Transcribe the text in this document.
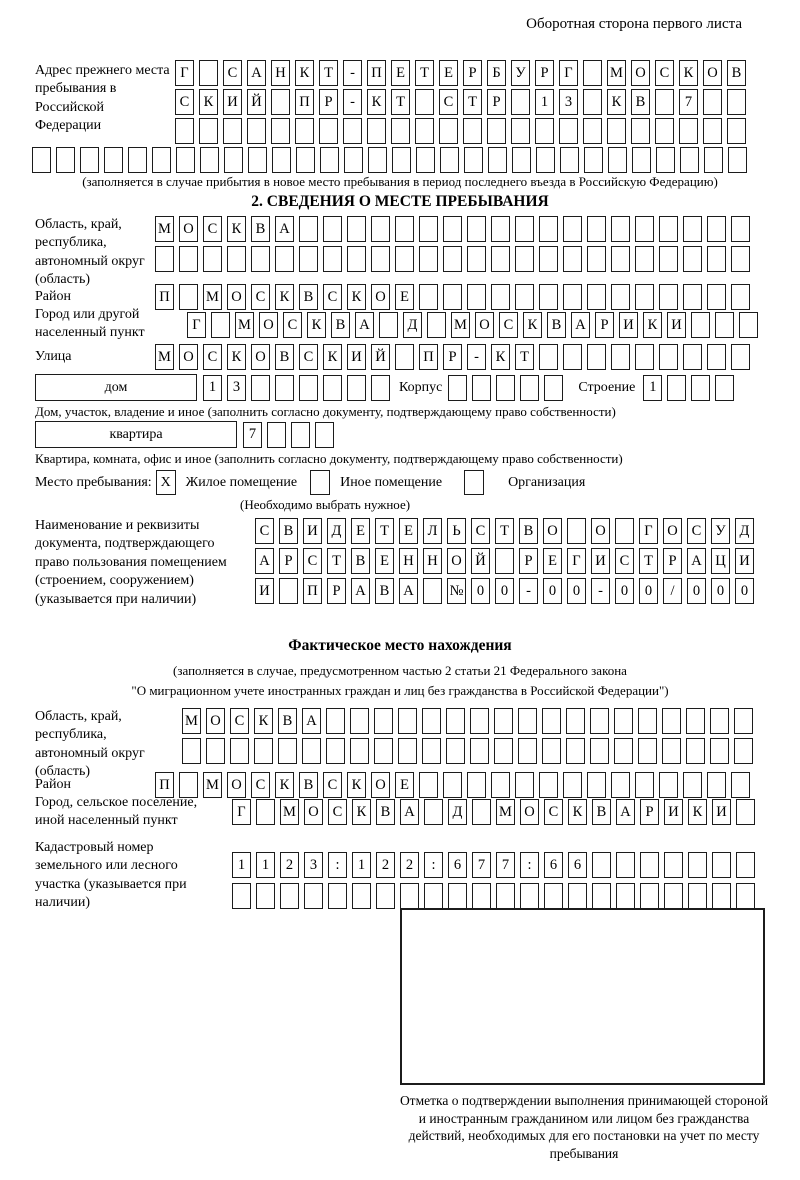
Оборотная сторона первого листа
Адрес прежнего места пребывания в Российской Федерации
Г	С А Н К	Т	-	П Е	Т	Е	Р	Б	У	Р	Г	М О С К О В
С К И Й	П	Р	-	К	Т	С	Т	Р	1	3	К В	7
(заполняется в случае прибытия в новое место пребывания в период последнего въезда в Российскую Федерацию)
2. СВЕДЕНИЯ О МЕСТЕ ПРЕБЫВАНИЯ
Область, край, республика, автономный округ (область)
М О С К В А
Район	П	М О С К В С К О Е
Город или другой населенный пункт
Г	М О С К В А	Д	М О С К В А	Р	И К И
Улица	М О С К О В С К И Й	П	Р	-	К	Т
дом	1	3	Корпус	Строение 1
Дом, участок, владение и иное (заполнить согласно документу, подтверждающему право собственности)
квартира	7
Квартира, комната, офис и иное (заполнить согласно документу, подтверждающему право собственности)
Место пребывания: X	Жилое помещение	Иное помещение	Организация
(Необходимо выбрать нужное)
Наименование и реквизиты документа, подтверждающего право пользования помещением (строением, сооружением) (указывается при наличии)
С В И Д	Е	Т	Е	Л	Ь	С	Т	В О	О	Г	О С У Д
А	Р	С	Т	В	Е Н Н О Й	Р	Е	Г	И С	Т	Р	А Ц И
И	П	Р	А В А № 0	0	-	0	0	-	0	0	/	0	0	0
Фактическое место нахождения
(заполняется в случае, предусмотренном частью 2 статьи 21 Федерального закона
"О миграционном учете иностранных граждан и лиц без гражданства в Российской Федерации")
Область, край, республика, автономный округ (область)
М О С К В А
Район	П	М О С К В С К О Е
Город, сельское поселение, иной населенный пункт
Г	М О С К В А	Д	М О С К В А	Р	И К И
Кадастровый номер земельного или лесного участка (указывается при наличии)
1	1	2	3	:	1	2	2	:	6	7	7	:	6	6
Отметка о подтверждении выполнения принимающей стороной и иностранным гражданином или лицом без гражданства действий, необходимых для его постановки на учет по месту пребывания
